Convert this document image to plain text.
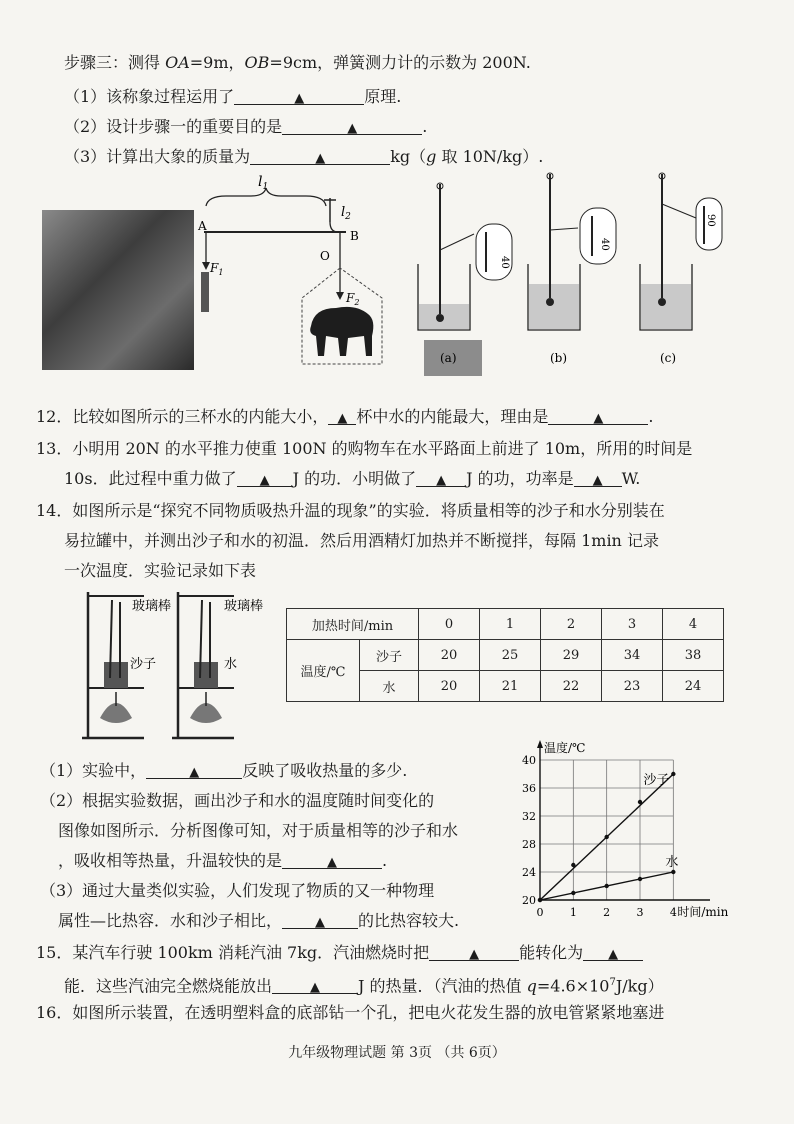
步骤三：测得 OA=9m，OB=9cm，弹簧测力计的示数为 200N.
（1）该称象过程运用了	▲	原理.
（2）设计步骤一的重要目的是	▲	.
（3）计算出大象的质量为	▲	kg（g 取 10N/kg）.
$l_1$
$l_2$
A
B
O
$F_1$
$F_2$
40
(a)
40
(b)
90
(c)
12．比较如图所示的三杯水的内能大小， ▲ 杯中水的内能最大，理由是	▲	.
13．小明用 20N 的水平推力使重 100N 的购物车在水平路面上前进了 10m，所用的时间是
10s．此过程中重力做了 ▲ J 的功．小明做了 ▲ J 的功，功率是 ▲ W.
14．如图所示是“探究不同物质吸热升温的现象”的实验．将质量相等的沙子和水分别装在
易拉罐中，并测出沙子和水的初温．然后用酒精灯加热并不断搅拌，每隔 1min 记录
一次温度．实验记录如下表
玻璃棒
沙子
玻璃棒
水
加热时间/min		0	1	2	3	4
温度/℃	沙子	20	25	29	34	38
	水	20	21	22	23	24
（1）实验中，	▲	反映了吸收热量的多少.
（2）根据实验数据，画出沙子和水的温度随时间变化的
图像如图所示．分析图像可知，对于质量相等的沙子和水
，吸收相等热量，升温较快的是	▲	.
（3）通过大量类似实验，人们发现了物质的又一种物理
属性—比热容．水和沙子相比，	▲ 的比热容较大.
20
24
28
32
36
40
0 1 2 3 4
温度/℃
时间/min
沙子
水
15．某汽车行驶 100km 消耗汽油 7kg．汽油燃烧时把	▲	能转化为 ▲
能．这些汽油完全燃烧能放出	▲ J 的热量．（汽油的热值 $q=4.6\times 10^7J/kg$）
16．如图所示装置，在透明塑料盒的底部钻一个孔，把电火花发生器的放电管紧紧地塞进
九年级物理试题 第 3页 （共 6页）
